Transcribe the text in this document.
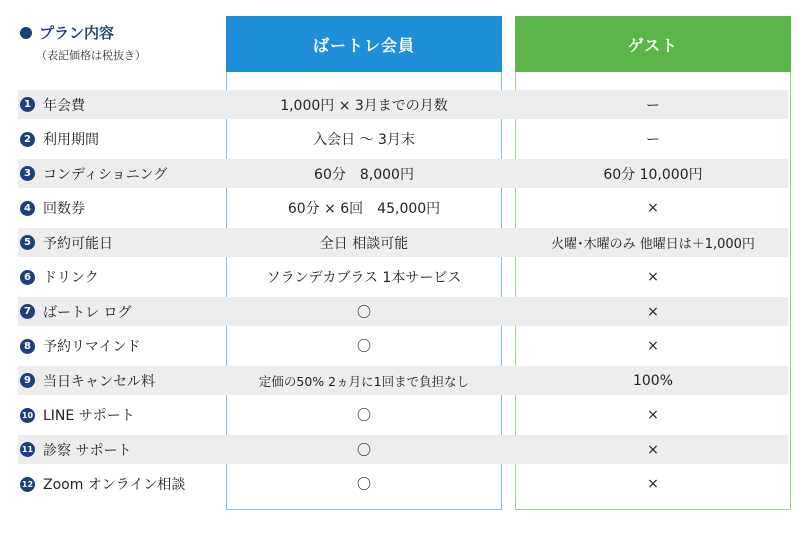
プラン内容
（表記価格は税抜き）
1 年会費	1,000円 × 3月までの月数	ー
2 利用期間	入会日 ～ 3月末	ー
3 コンディショニング	60分　8,000円	60分 10,000円
4 回数券	60分 × 6回　45,000円	×
5 予約可能日	全日 相談可能	火曜･木曜のみ 他曜日は＋1,000円
6 ドリンク	ソランデカブラス 1本サービス	×
7 ばートレ ログ	〇	×
8 予約リマインド	〇	×
9 当日キャンセル料	定価の50% 2ヵ月に1回まで負担なし	100%
10 LINE サポート	〇	×
11 診察 サポート	〇	×
12 Zoom オンライン相談	〇	×
ばートレ会員	ゲスト
